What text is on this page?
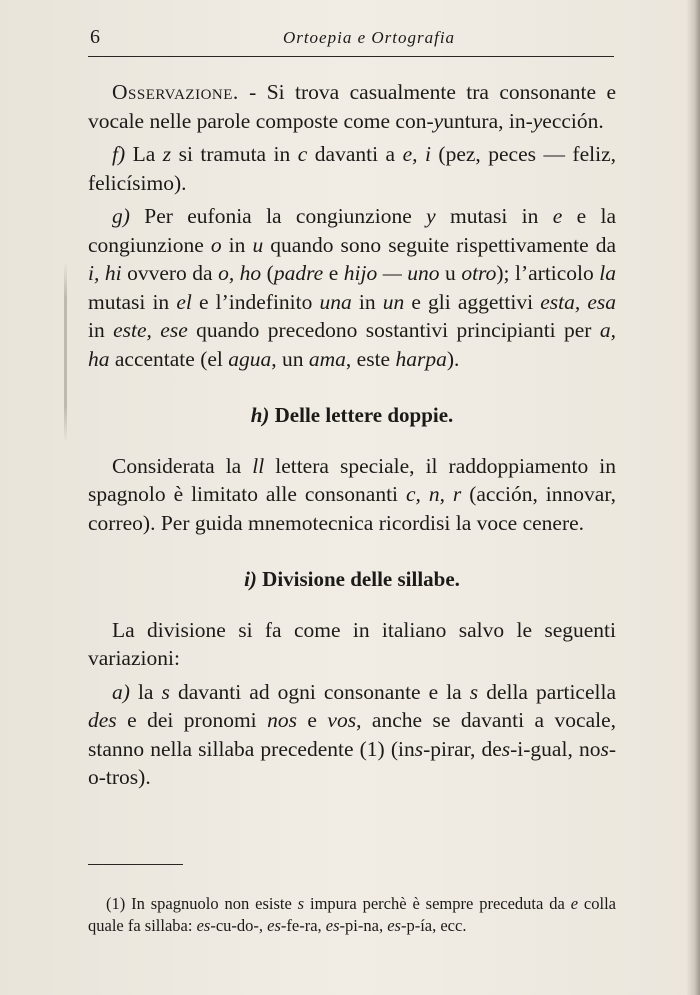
6	Ortoepia e Ortografia

Osservazione. - Si trova casualmente tra consonante e vocale nelle parole composte come con-yuntura, in-yección.

f) La z si tramuta in c davanti a e, i (pez, peces — feliz, felicísimo).

g) Per eufonia la congiunzione y mutasi in e e la congiunzione o in u quando sono seguite rispettivamente da i, hi ovvero da o, ho (padre e hijo — uno u otro); l’articolo la mutasi in el e l’indefinito una in un e gli aggettivi esta, esa in este, ese quando precedono sostantivi principianti per a, ha accentate (el agua, un ama, este harpa).

h) Delle lettere doppie.

Considerata la ll lettera speciale, il raddoppiamento in spagnolo è limitato alle consonanti c, n, r (acción, innovar, correo). Per guida mnemotecnica ricordisi la voce cenere.

i) Divisione delle sillabe.

La divisione si fa come in italiano salvo le seguenti variazioni:

a) la s davanti ad ogni consonante e la s della particella des e dei pronomi nos e vos, anche se davanti a vocale, stanno nella sillaba precedente (1) (ins-pirar, des-i-gual, nos-o-tros).

(1) In spagnuolo non esiste s impura perchè è sempre preceduta da e colla quale fa sillaba: es-cu-do-, es-fe-ra, es-pi-na, es-p-ía, ecc.
